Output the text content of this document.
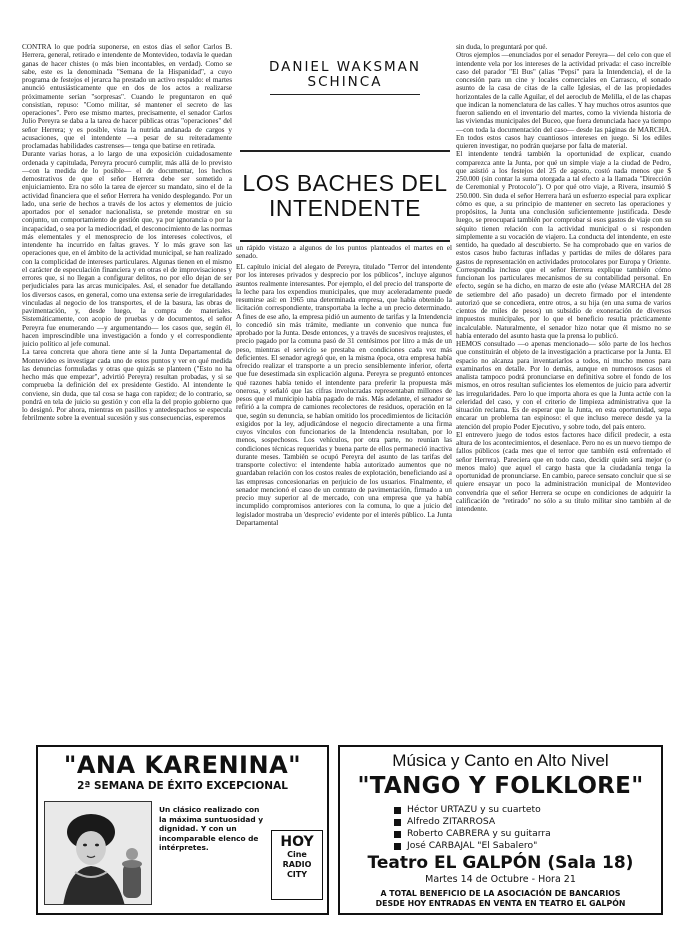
CONTRA lo que podría suponerse, en estos días el señor Carlos B. Herrera, general, retirado e intendente de Montevideo, todavía le quedan ganas de hacer chistes (o más bien incontables, en verdad). Como se sabe, este es la denominada "Semana de la Hispanidad", a cuyo programa de festejos el jerarca ha prestado un activo respaldo: el martes anunció entusiásticamente que en dos de los actos a realizarse próximamente serían "sorpresas". Cuando le preguntaron en qué consistían, repuso: "Como militar, sé mantener el secreto de las operaciones". Pero ese mismo martes, precisamente, el senador Carlos Julio Pereyra se daba a la tarea de hacer públicas otras "operaciones" del señor Herrera; y es posible, vista la nutrida andanada de cargos y acusaciones, que el intendente —a pesar de su reiteradamente proclamadas habilidades castrenses— tenga que batirse en retirada.

Durante varias horas, a lo largo de una exposición cuidadosamente ordenada y capitulada, Pereyra procuró cumplir, más allá de lo previsto —con la medida de lo posible— el de documentar, los hechos demostrativos de que el señor Herrera debe ser sometido a enjuiciamiento. Era no sólo la tarea de ejercer su mandato, sino el de la actividad financiera que el señor Herrera ha venido desplegando. Por un lado, una serie de hechos a través de los actos y elementos de juicio aportados por el senador nacionalista, se pretende mostrar en su conjunto, un comportamiento de gestión que, ya por ignorancia o por la incapacidad, o sea por la mediocridad, el desconocimiento de las normas más elementales y el menosprecio de los intereses colectivos, el intendente ha incurrido en faltas graves. Y lo más grave son las operaciones que, en el ámbito de la actividad municipal, se han realizado con la complicidad de intereses particulares. Algunas tienen en el mismo el carácter de especulación financiera y en otras el de improvisaciones y errores que, si no llegan a configurar delitos, no por ello dejan de ser perjudiciales para las arcas municipales. Así, el senador fue detallando los diversos casos, en general, como una extensa serie de irregularidades vinculadas al negocio de los transportes, el de la basura, las obras de pavimentación, y, desde luego, la compra de materiales. Sistemáticamente, con acopio de pruebas y de documentos, el señor Pereyra fue enumerando —y argumentando— los casos que, según él, hacen imprescindible una investigación a fondo y el correspondiente juicio político al jefe comunal.

La tarea concreta que ahora tiene ante sí la Junta Departamental de Montevideo es investigar cada uno de estos puntos y ver en qué medida las denuncias formuladas y otras que quizás se planteen ("Esto no ha hecho más que empezar", advirtió Pereyra) resultan probadas, y si se comprueba la definición del ex presidente Gestido. Al intendente le conviene, sin duda, que tal cosa se haga con rapidez; de lo contrario, se pondrá en tela de juicio su gestión y con ella la del propio gobierno que lo designó. Por ahora, mientras en pasillos y antedespachos se especula febrilmente sobre la eventual sucesión y sus consecuencias, esperemos

DANIEL WAKSMAN SCHINCA
LOS BACHES DEL INTENDENTE

un rápido vistazo a algunos de los puntos planteados el martes en el senado.

EL capítulo inicial del alegato de Pereyra, titulado "Terror del intendente por los intereses privados y desprecio por los públicos", incluye algunos asuntos realmente interesantes. Por ejemplo, el del precio del transporte de la leche para los expendios municipales, que muy aceleradamente puede resumirse así: en 1965 una determinada empresa, que había obtenido la licitación correspondiente, transportaba la leche a un precio determinado. A fines de ese año, la empresa pidió un aumento de tarifas y la Intendencia lo concedió sin más trámite, mediante un convenio que nunca fue aprobado por la Junta. Desde entonces, y a través de sucesivos reajustes, el precio pagado por la comuna pasó de 31 centésimos por litro a más de un peso, mientras el servicio se prestaba en condiciones cada vez más deficientes. El senador agregó que, en la misma época, otra empresa había ofrecido realizar el transporte a un precio sensiblemente inferior, oferta que fue desestimada sin explicación alguna. Pereyra se preguntó entonces qué razones había tenido el intendente para preferir la propuesta más onerosa, y señaló que las cifras involucradas representaban millones de pesos que el municipio había pagado de más. Más adelante, el senador se refirió a la compra de camiones recolectores de residuos, operación en la que, según su denuncia, se habían omitido los procedimientos de licitación exigidos por la ley, adjudicándose el negocio directamente a una firma cuyos vínculos con funcionarios de la Intendencia resultaban, por lo menos, sospechosos. Los vehículos, por otra parte, no reunían las condiciones técnicas requeridas y buena parte de ellos permaneció inactiva durante meses. También se ocupó Pereyra del asunto de las tarifas del transporte colectivo: el intendente había autorizado aumentos que no guardaban relación con los costos reales de explotación, beneficiando así a las empresas concesionarias en perjuicio de los usuarios. Finalmente, el senador mencionó el caso de un contrato de pavimentación, firmado a un precio muy superior al de mercado, con una empresa que ya había incumplido compromisos anteriores con la comuna, lo que a juicio del legislador mostraba un 'desprecio' evidente por el interés público. La Junta Departamental

sin duda, lo preguntará por qué.

Otros ejemplos —enunciados por el senador Pereyra— del celo con que el intendente vela por los intereses de la actividad privada: el caso increíble caso del parador "El Bus" (alias "Pepsi" para la Intendencia), el de la concesión para un cine y locales comerciales en Carrasco, el sonado asunto de la casa de citas de la calle Iglesias, el de las propiedades horizontales de la calle Aguilar, el del aeroclub de Melilla, el de las chapas que indican la nomenclatura de las calles. Y hay muchos otros asuntos que fueron saliendo en el inventario del martes, como la vivienda historia de las viviendas municipales del Buceo, que fuera denunciada hace ya tiempo —con toda la documentación del caso— desde las páginas de MARCHA. En todos estos casos hay cuantiosos intereses en juego. Si los ediles quieren investigar, no podrán quejarse por falta de material.

El intendente tendrá también la oportunidad de explicar, cuando comparezca ante la Junta, por qué un simple viaje a la ciudad de Pedro, que asistió a los festejos del 25 de agosto, costó nada menos que $ 250.000 (sin contar la suma otorgada a tal efecto a la llamada "Dirección de Ceremonial y Protocolo"). O por qué otro viaje, a Rivera, insumió $ 250.000. Sin duda el señor Herrera hará un esfuerzo especial para explicar cómo es que, a su principio de mantener en secreto las operaciones y propósitos, la Junta una conclusión suficientemente justificada. Desde luego, se preocupará también por comprobar si esos gastos de viaje con su séquito tienen relación con la actividad municipal o si responden simplemente a su vocación de viajero. La conducta del intendente, en este sentido, ha quedado al descubierto. Se ha comprobado que en varios de estos casos hubo facturas infladas y partidas de miles de dólares para gastos de representación en actividades protocolares por Europa y Oriente.

Correspondía incluso que el señor Herrera explique también cómo funcionan los particulares mecanismos de su contabilidad personal. En efecto, según se ha dicho, en marzo de este año (véase MARCHA del 28 de setiembre del año pasado) un decreto firmado por el intendente autorizó que se concediera, entre otros, a su hija (en una suma de varios cientos de miles de pesos) un subsidio de exoneración de diversos impuestos municipales, por lo que el beneficio resulta prácticamente incalculable. Naturalmente, el senador hizo notar que él mismo no se había enterado del asunto hasta que la prensa lo publicó.

HEMOS consultado —o apenas mencionado— sólo parte de los hechos que constituirán el objeto de la investigación a practicarse por la Junta. El espacio no alcanza para inventariarlos a todos, ni mucho menos para examinarlos en detalle. Por lo demás, aunque en numerosos casos el analista tampoco podrá pronunciarse en definitiva sobre el fondo de los mismos, en otros resultan suficientes los elementos de juicio para advertir las irregularidades. Pero lo que importa ahora es que la Junta actúe con la celeridad del caso, y con el criterio de limpieza administrativa que la situación reclama. Es de esperar que la Junta, en esta oportunidad, sepa encarar un problema tan espinoso: el que incluso merece desde ya la atención del propio Poder Ejecutivo, y sobre todo, del país entero.

El entrevero juego de todos estos factores hace difícil predecir, a esta altura de los acontecimientos, el desenlace. Pero no es un nuevo tiempo de fallos públicos (cada mes que el terror que también está enfrentado el señor Herrera). Pareciera que en todo caso, decidir quién será mejor (o menos malo) que aquel el cargo hasta que la ciudadanía tenga la oportunidad de pronunciarse. En cambio, parece sensato concluir que si se quiere ensayar un poco la administración municipal de Montevideo convendría que el señor Herrera se ocupe en condiciones de adquirir la calificación de "retirado" no sólo a su título militar sino también al de intendente.

"ANA KARENINA"
2ª SEMANA DE ÉXITO EXCEPCIONAL
Un clásico realizado con la máxima suntuosidad y dignidad. Y con un incomparable elenco de intérpretes.	HOY
Cine
RADIO
CITY
Música y Canto en Alto Nivel
"TANGO Y FOLKLORE"
Héctor URTAZU y su cuarteto
Alfredo ZITARROSA
Roberto CABRERA y su guitarra
José CARBAJAL "El Sabalero"
Teatro EL GALPÓN (Sala 18)
Martes 14 de Octubre - Hora 21
A TOTAL BENEFICIO DE LA ASOCIACIÓN DE BANCARIOS
DESDE HOY ENTRADAS EN VENTA EN TEATRO EL GALPÓN
